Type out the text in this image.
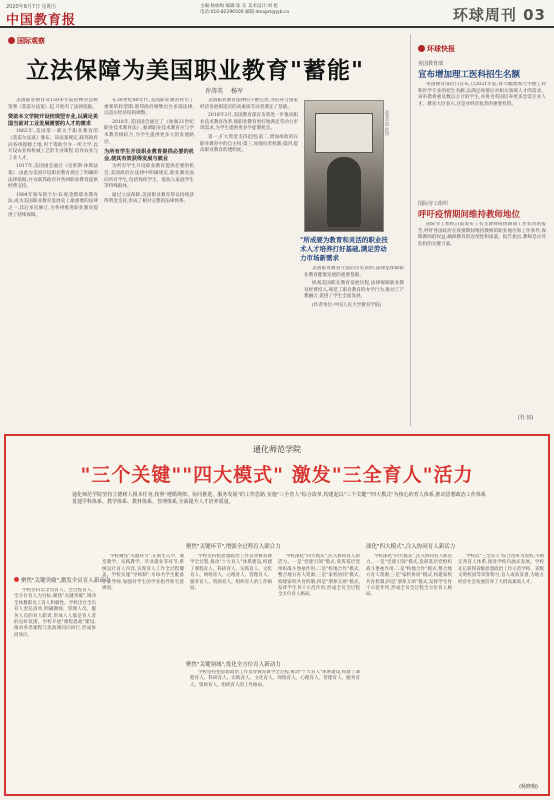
2020年8月7日 星期五
中国教育报
主编:杨咏梅 编辑:张 东 美术设计:刘 旭
电话:010-82296500 邮箱:dongxt@jyb.cn	环球周刊 03
国际观察
立法保障为美国职业教育"蓄能"
许涛英 杨军

美国职业教育从150多年前的林肯总统签署《莫雷尔法案》起,开始有了法律依据。

资助本文学院开设校规型专业,以满足美国当前对工业发展需要的人才的需求

1862年,美国第一部关于职业教育的《莫雷尔法案》颁布。该法案规定,联邦政府向各州拨赠土地,用于资助至少一所大学,以开设农业和机械工艺的专业课程,培养农业与工业人才。

1917年,美国国会通过《史密斯-休斯法案》,由此为美国开设职业教育规定了明确的法律依据,并为联邦政府对各州职业教育提供经费支持。

1984年颁布的卡尔·D.帕金斯职业教育法,成为美国职业教育发展史上最重要的法律之一,其后多次修订,为各州推进职业教育提供了持续保障。

在20世纪80年代,美国职业教育经历了重要的转型期,联邦政府相继出台多部法律,以适应经济结构调整。

2018年,美国国会通过了《加强21世纪职业技术教育法》,强调职业技术教育应与学术教育相结合,为学生提供更多元的发展路径。

为所有学生开设职业教育提供必要的机会,使其有效获得发展与就业

为所有学生开设职业教育提供必要的机会,美国政府在法律中明确规定,职业教育面向所有学生,包括残疾学生、低收入家庭学生等特殊群体。

通过立法保障,美国职业教育得以持续获得资金支持,形成了相对完整的法律体系。

美国职业教育法律的不断完善,为培养与国家经济发展相适应的高素质劳动者奠定了基础。

2018年3月,美国教育部宣布将进一步推动职业技术教育改革,使职业教育更好地满足劳动力市场需求,为学生提供更多学徒制机会。

第一,扩大资金支持范围;第二,增加州政府在职业教育中的自主权;第三,加强问责机制;第四,提高职业教育的透明度。

视觉中国 供图
"所成要为教育和灵活的职业技术人才培养打好基础,满足劳动力市场新需求

美国职业教育立法的历史表明,法律是保障职业教育健康发展的重要基础。

纵观美国职业教育发展历程,法律保障职业教育经费投入,规范了职业教育的办学行为,推动了产教融合,促进了学生全面发展。

(作者单位:中国人民大学教育学院)

环球快报
英国教育部
宣布增加理工医科招生名额

英国教育部近日宣布,自2021年起,将大幅增加大学理工科和医学专业的招生名额,以满足疫情后对相关领域人才的需求。该举措将惠及数以万计的学生,并将为英国培养更多急需专业人才。教育大臣表示,这是对经济复苏的重要投资。

国际劳工组织
呼吁疫情期间维持教师地位

国际劳工组织日前发布了有关教师疫情期间工作状况的报告,呼吁各国政府在疫情期间维持教师的职业地位和工作条件,保障教师的权益,确保教育的连续性和质量。报告指出,教师是应对危机的关键力量。

(杜 悦)
通化师范学院
"三个关键""四大模式" 激发"三全育人"活力
通化师范学院坚持立德树人根本任务,按照"遵循规律、协同推进、服务发展"的工作思路,实施"三全育人"综合改革,构建起以"三个关键""四大模式"为核心的育人体系,推动思想政治工作体系贯通学科体系、教学体系、教材体系、管理体系,全面提升人才培养质量。
聚焦"关键环节",增强全过程育人联合力	深化"四大模式",注入协同育人新活力
聚焦"关键突破",激发全员育人新动力
聚焦"关键领域",优化全方位育人新动力

学校坚持以全员育人、全过程育人、全方位育人为目标,聚焦"关键突破",调动全体教职员工育人积极性。学校出台全员育人责任清单,明确教师、管理人员、服务人员的育人职责,形成人人都是育人者的良好氛围。学校开展"课程思政"建设,推动各类课程与思政课同向同行,形成协同效应。

学校聚焦"关键环节",在新生入学、课堂教学、实践教学、毕业就业等环节,系统设计育人内容,实现育人工作全过程覆盖。学校实施"导师制",为每名学生配备学业导师,加强对学生的学业指导和生涯规划。

学校坚持把思想政治工作贯穿教育教学全过程,推动"十大育人"体系建设,构建了课程育人、科研育人、实践育人、文化育人、网络育人、心理育人、管理育人、服务育人、资助育人、组织育人的工作格局。

学校坚持把思想政治工作贯穿教育教学全过程,推动"十大育人"体系建设,构建了课程育人、科研育人、实践育人、文化育人、网络育人、心理育人、管理育人、服务育人、资助育人、组织育人的工作格局。

学校深化"四大模式",注入协同育人新活力。一是"党建引领"模式,发挥基层党组织战斗堡垒作用;二是"校地合作"模式,整合地方育人资源;三是"家校协同"模式,构建家校共育机制;四是"朋辈互助"模式,发挥学生骨干示范作用,形成全员全过程全方位育人格局。

学校深化"四大模式",注入协同育人新活力。一是"党建引领"模式,发挥基层党组织战斗堡垒作用;二是"校地合作"模式,整合地方育人资源;三是"家校协同"模式,构建家校共育机制;四是"朋辈互助"模式,发挥学生骨干示范作用,形成全员全过程全方位育人格局。

学校以"三全育人"综合改革为契机,不断完善育人体系,推进学校内涵式发展。学校先后获得省级思想政治工作示范学校、省级文明校园等荣誉称号,育人成效显著,为地方经济社会发展培养了大批高素质人才。

(杨晓梅)
